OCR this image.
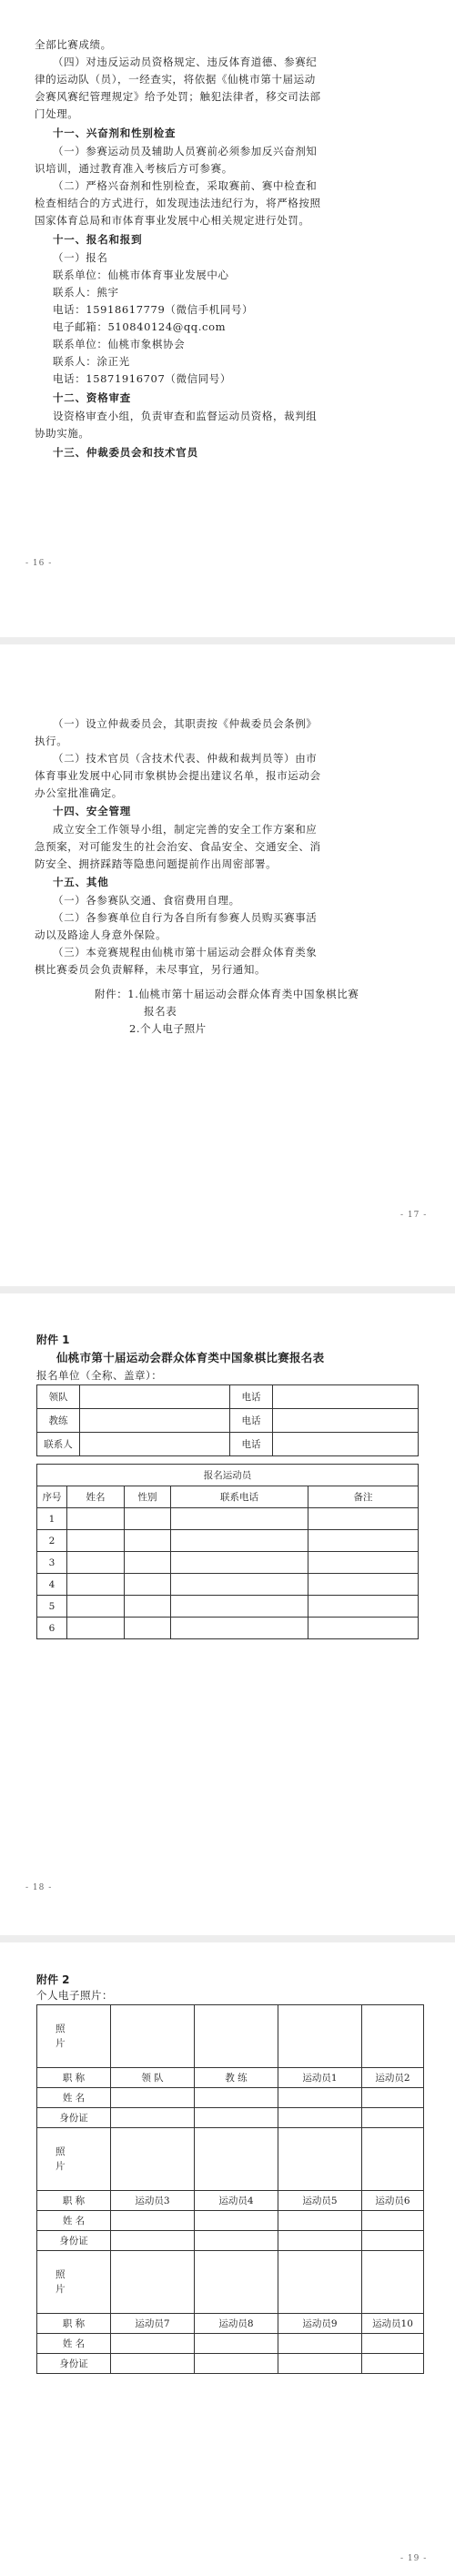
全部比赛成绩。
（四）对违反运动员资格规定、违反体育道德、参赛纪
律的运动队（员），一经查实，将依据《仙桃市第十届运动
会赛风赛纪管理规定》给予处罚；触犯法律者，移交司法部
门处理。
十一、兴奋剂和性别检查
（一）参赛运动员及辅助人员赛前必须参加反兴奋剂知
识培训，通过教育准入考核后方可参赛。
（二）严格兴奋剂和性别检查，采取赛前、赛中检查和
检查相结合的方式进行，如发现违法违纪行为，将严格按照
国家体育总局和市体育事业发展中心相关规定进行处罚。
十一、报名和报到
（一）报名
联系单位：仙桃市体育事业发展中心
联系人：熊宇
电话：15918617779（微信手机同号）
电子邮箱：510840124@qq.com
联系单位：仙桃市象棋协会
联系人：涂正光
电话：15871916707（微信同号）
十二、资格审查
设资格审查小组，负责审查和监督运动员资格，裁判组
协助实施。
十三、仲裁委员会和技术官员
- 16 -
（一）设立仲裁委员会，其职责按《仲裁委员会条例》
执行。
（二）技术官员（含技术代表、仲裁和裁判员等）由市
体育事业发展中心同市象棋协会提出建议名单，报市运动会
办公室批准确定。
十四、安全管理
成立安全工作领导小组，制定完善的安全工作方案和应
急预案，对可能发生的社会治安、食品安全、交通安全、消
防安全、拥挤踩踏等隐患问题提前作出周密部署。
十五、其他
（一）各参赛队交通、食宿费用自理。
（二）各参赛单位自行为各自所有参赛人员购买赛事活
动以及路途人身意外保险。
（三）本竞赛规程由仙桃市第十届运动会群众体育类象
棋比赛委员会负责解释，未尽事宜，另行通知。
附件：1.仙桃市第十届运动会群众体育类中国象棋比赛
报名表
2.个人电子照片
- 17 -
附件 1
仙桃市第十届运动会群众体育类中国象棋比赛报名表
报名单位（全称、盖章）：
领队		电话	
教练		电话	
联系人		电话	
报名运动员				
序号	姓名	性别	联系电话	备注
1				
2				
3				
4				
5				
6				
- 18 -
附件 2
个人电子照片：
照
片				
职 称	领 队	教 练	运动员1	运动员2
姓 名				
身份证				
照
片				
职 称	运动员3	运动员4	运动员5	运动员6
姓 名				
身份证				
照
片				
职 称	运动员7	运动员8	运动员9	运动员10
姓 名				
身份证				
- 19 -
